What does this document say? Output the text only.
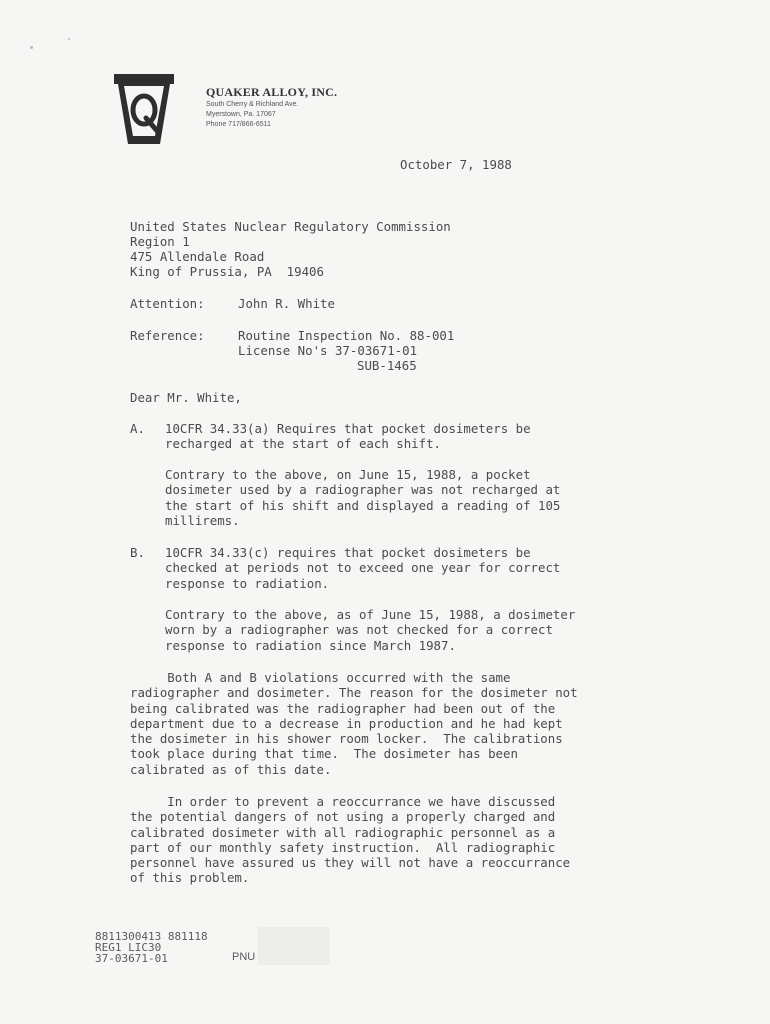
QUAKER ALLOY, INC.
South Cherry & Richland Ave.
Myerstown, Pa. 17067
Phone 717/866-6511
October 7, 1988
United States Nuclear Regulatory Commission
Region 1
475 Allendale Road
King of Prussia, PA  19406
Attention:	John R. White
Reference:	Routine Inspection No. 88-001
License No's 37-03671-01
SUB-1465
Dear Mr. White,
A. 10CFR 34.33(a) Requires that pocket dosimeters be
recharged at the start of each shift.
Contrary to the above, on June 15, 1988, a pocket
dosimeter used by a radiographer was not recharged at
the start of his shift and displayed a reading of 105
millirems.
B. 10CFR 34.33(c) requires that pocket dosimeters be
checked at periods not to exceed one year for correct
response to radiation.
Contrary to the above, as of June 15, 1988, a dosimeter
worn by a radiographer was not checked for a correct
response to radiation since March 1987.
Both A and B violations occurred with the same
radiographer and dosimeter. The reason for the dosimeter not
being calibrated was the radiographer had been out of the
department due to a decrease in production and he had kept
the dosimeter in his shower room locker.  The calibrations
took place during that time.  The dosimeter has been
calibrated as of this date.
In order to prevent a reoccurrance we have discussed
the potential dangers of not using a properly charged and
calibrated dosimeter with all radiographic personnel as a
part of our monthly safety instruction.  All radiographic
personnel have assured us they will not have a reoccurrance
of this problem.
8811300413 881118
REG1 LIC30
37-03671-01	PNU
